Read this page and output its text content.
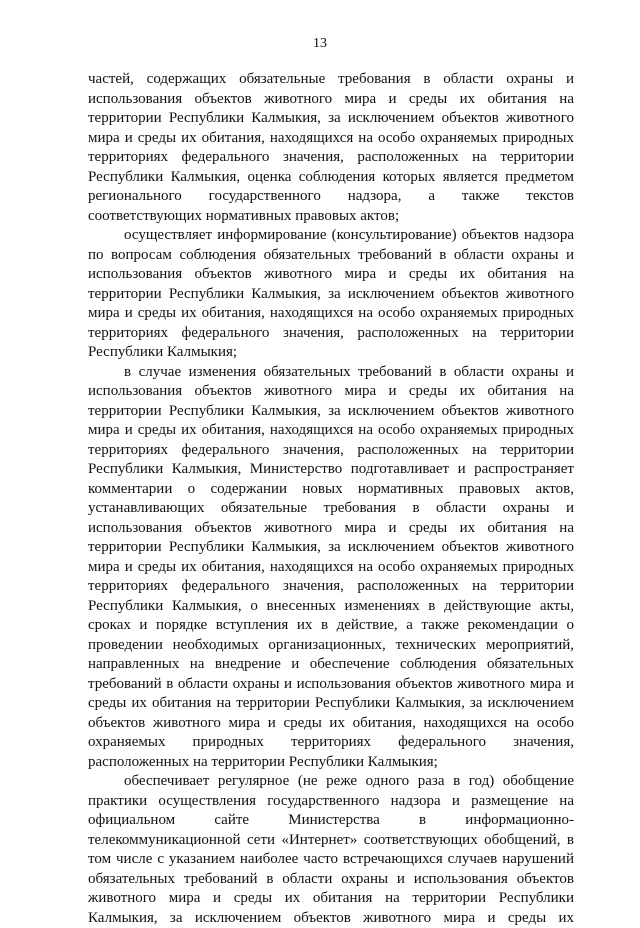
13

частей, содержащих обязательные требования в области охраны и
использования объектов животного мира и среды их обитания на
территории Республики Калмыкия, за исключением объектов животного
мира и среды их обитания, находящихся на особо охраняемых природных
территориях федерального значения, расположенных на территории
Республики Калмыкия, оценка соблюдения которых является предметом
регионального государственного надзора, а также текстов
соответствующих нормативных правовых актов;
осуществляет информирование (консультирование) объектов надзора
по вопросам соблюдения обязательных требований в области охраны и
использования объектов животного мира и среды их обитания на
территории Республики Калмыкия, за исключением объектов животного
мира и среды их обитания, находящихся на особо охраняемых природных
территориях федерального значения, расположенных на территории
Республики Калмыкия;
в случае изменения обязательных требований в области охраны и
использования объектов животного мира и среды их обитания на
территории Республики Калмыкия, за исключением объектов животного
мира и среды их обитания, находящихся на особо охраняемых природных
территориях федерального значения, расположенных на территории
Республики Калмыкия, Министерство подготавливает и распространяет
комментарии о содержании новых нормативных правовых актов,
устанавливающих обязательные требования в области охраны и
использования объектов животного мира и среды их обитания на
территории Республики Калмыкия, за исключением объектов животного
мира и среды их обитания, находящихся на особо охраняемых природных
территориях федерального значения, расположенных на территории
Республики Калмыкия, о внесенных изменениях в действующие акты,
сроках и порядке вступления их в действие, а также рекомендации о
проведении необходимых организационных, технических мероприятий,
направленных на внедрение и обеспечение соблюдения обязательных
требований в области охраны и использования объектов животного мира и
среды их обитания на территории Республики Калмыкия, за исключением
объектов животного мира и среды их обитания, находящихся на особо
охраняемых природных территориях федерального значения,
расположенных на территории Республики Калмыкия;
обеспечивает регулярное (не реже одного раза в год) обобщение
практики осуществления государственного надзора и размещение на
официальном сайте Министерства в информационно-
телекоммуникационной сети «Интернет» соответствующих обобщений, в
том числе с указанием наиболее часто встречающихся случаев нарушений
обязательных требований в области охраны и использования объектов
животного мира и среды их обитания на территории Республики
Калмыкия, за исключением объектов животного мира и среды их
